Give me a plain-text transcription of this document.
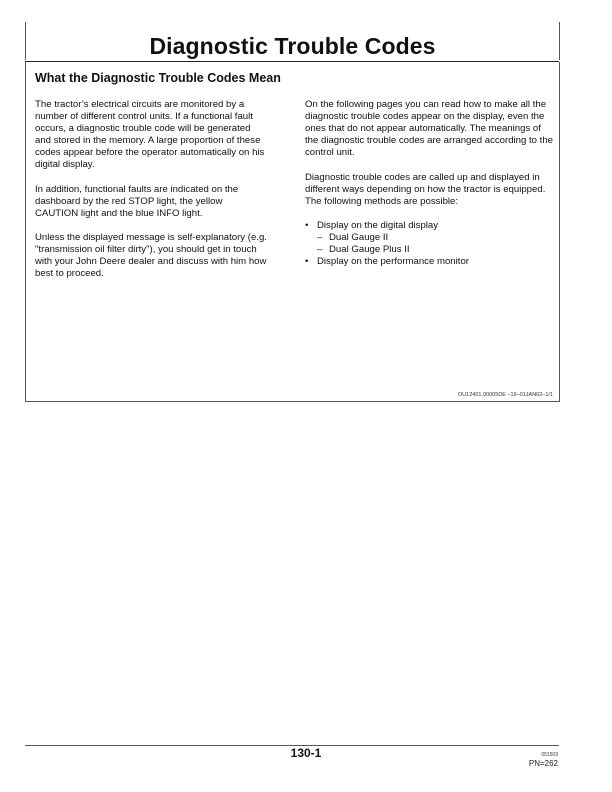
Diagnostic Trouble Codes
What the Diagnostic Trouble Codes Mean

The tractor’s electrical circuits are monitored by a number of different control units. If a functional fault occurs, a diagnostic trouble code will be generated and stored in the memory. A large proportion of these codes appear before the operator automatically on his digital display.

In addition, functional faults are indicated on the dashboard by the red STOP light, the yellow CAUTION light and the blue INFO light.

Unless the displayed message is self-explanatory (e.g. "transmission oil filter dirty"), you should get in touch with your John Deere dealer and discuss with him how best to proceed.

On the following pages you can read how to make all the diagnostic trouble codes appear on the display, even the ones that do not appear automatically. The meanings of the diagnostic trouble codes are arranged according to the control unit.

Diagnostic trouble codes are called up and displayed in different ways depending on how the tractor is equipped. The following methods are possible:

• Display on the digital display
– Dual Gauge II
– Dual Gauge Plus II
• Display on the performance monitor
OU12401,00005DE –19–01JAN02–1/1
130-1	051503
PN=262
